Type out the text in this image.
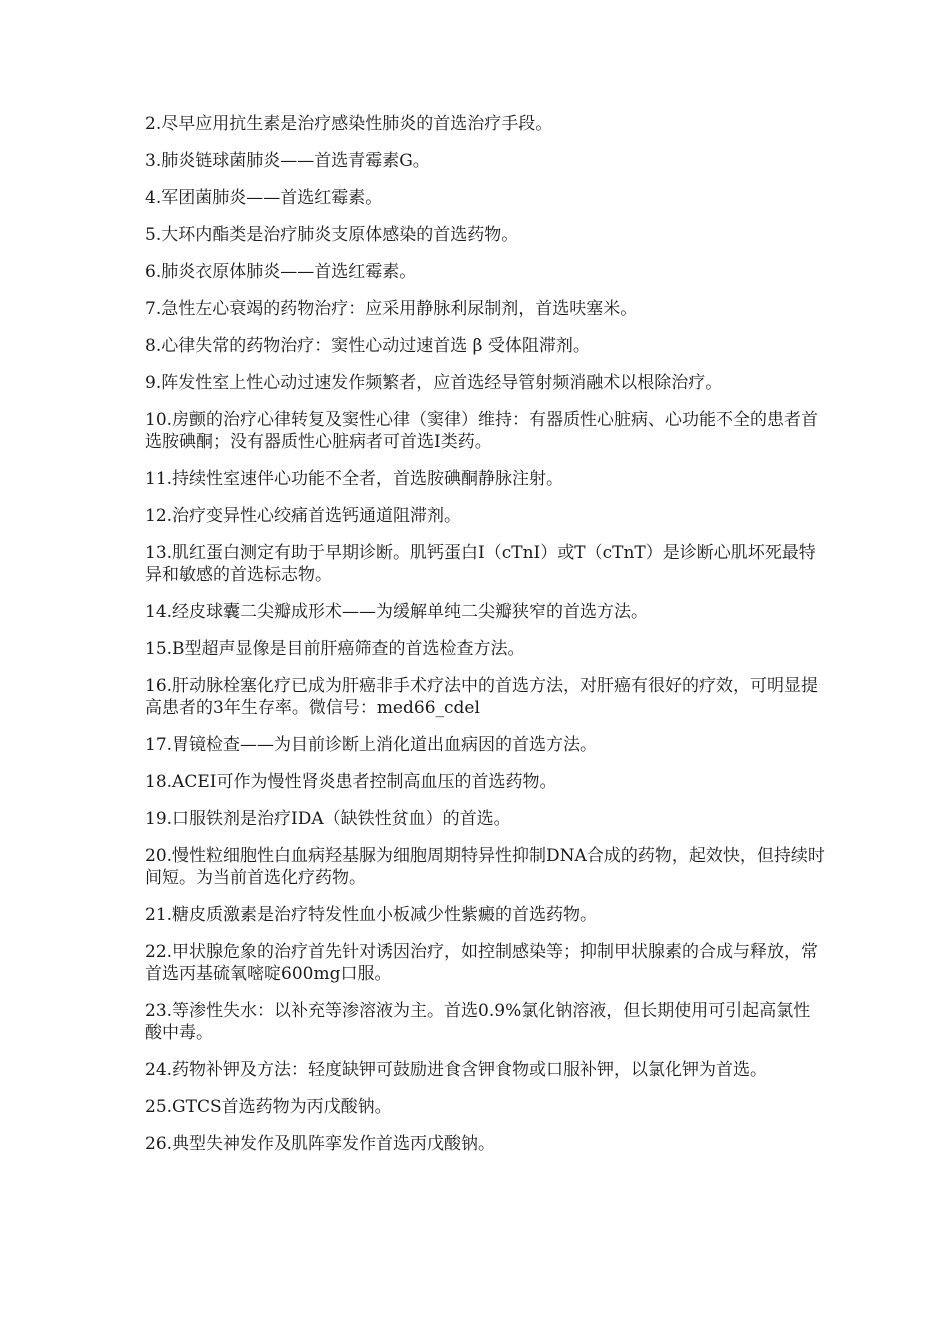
2.尽早应用抗生素是治疗感染性肺炎的首选治疗手段。

3.肺炎链球菌肺炎——首选青霉素G。

4.军团菌肺炎——首选红霉素。

5.大环内酯类是治疗肺炎支原体感染的首选药物。

6.肺炎衣原体肺炎——首选红霉素。

7.急性左心衰竭的药物治疗：应采用静脉利尿制剂，首选呋塞米。

8.心律失常的药物治疗：窦性心动过速首选 β 受体阻滞剂。

9.阵发性室上性心动过速发作频繁者，应首选经导管射频消融术以根除治疗。

10.房颤的治疗心律转复及窦性心律（窦律）维持：有器质性心脏病、心功能不全的患者首选胺碘酮；没有器质性心脏病者可首选Ⅰ类药。

11.持续性室速伴心功能不全者，首选胺碘酮静脉注射。

12.治疗变异性心绞痛首选钙通道阻滞剂。

13.肌红蛋白测定有助于早期诊断。肌钙蛋白Ⅰ（cTnI）或T（cTnT）是诊断心肌坏死最特异和敏感的首选标志物。

14.经皮球囊二尖瓣成形术——为缓解单纯二尖瓣狭窄的首选方法。

15.B型超声显像是目前肝癌筛查的首选检查方法。

16.肝动脉栓塞化疗已成为肝癌非手术疗法中的首选方法，对肝癌有很好的疗效，可明显提高患者的3年生存率。微信号：med66_cdel

17.胃镜检查——为目前诊断上消化道出血病因的首选方法。

18.ACEI可作为慢性肾炎患者控制高血压的首选药物。

19.口服铁剂是治疗IDA（缺铁性贫血）的首选。

20.慢性粒细胞性白血病羟基脲为细胞周期特异性抑制DNA合成的药物，起效快，但持续时间短。为当前首选化疗药物。

21.糖皮质激素是治疗特发性血小板减少性紫癜的首选药物。

22.甲状腺危象的治疗首先针对诱因治疗，如控制感染等；抑制甲状腺素的合成与释放，常首选丙基硫氧嘧啶600mg口服。

23.等渗性失水：以补充等渗溶液为主。首选0.9%氯化钠溶液，但长期使用可引起高氯性酸中毒。

24.药物补钾及方法：轻度缺钾可鼓励进食含钾食物或口服补钾，以氯化钾为首选。

25.GTCS首选药物为丙戊酸钠。

26.典型失神发作及肌阵挛发作首选丙戊酸钠。
